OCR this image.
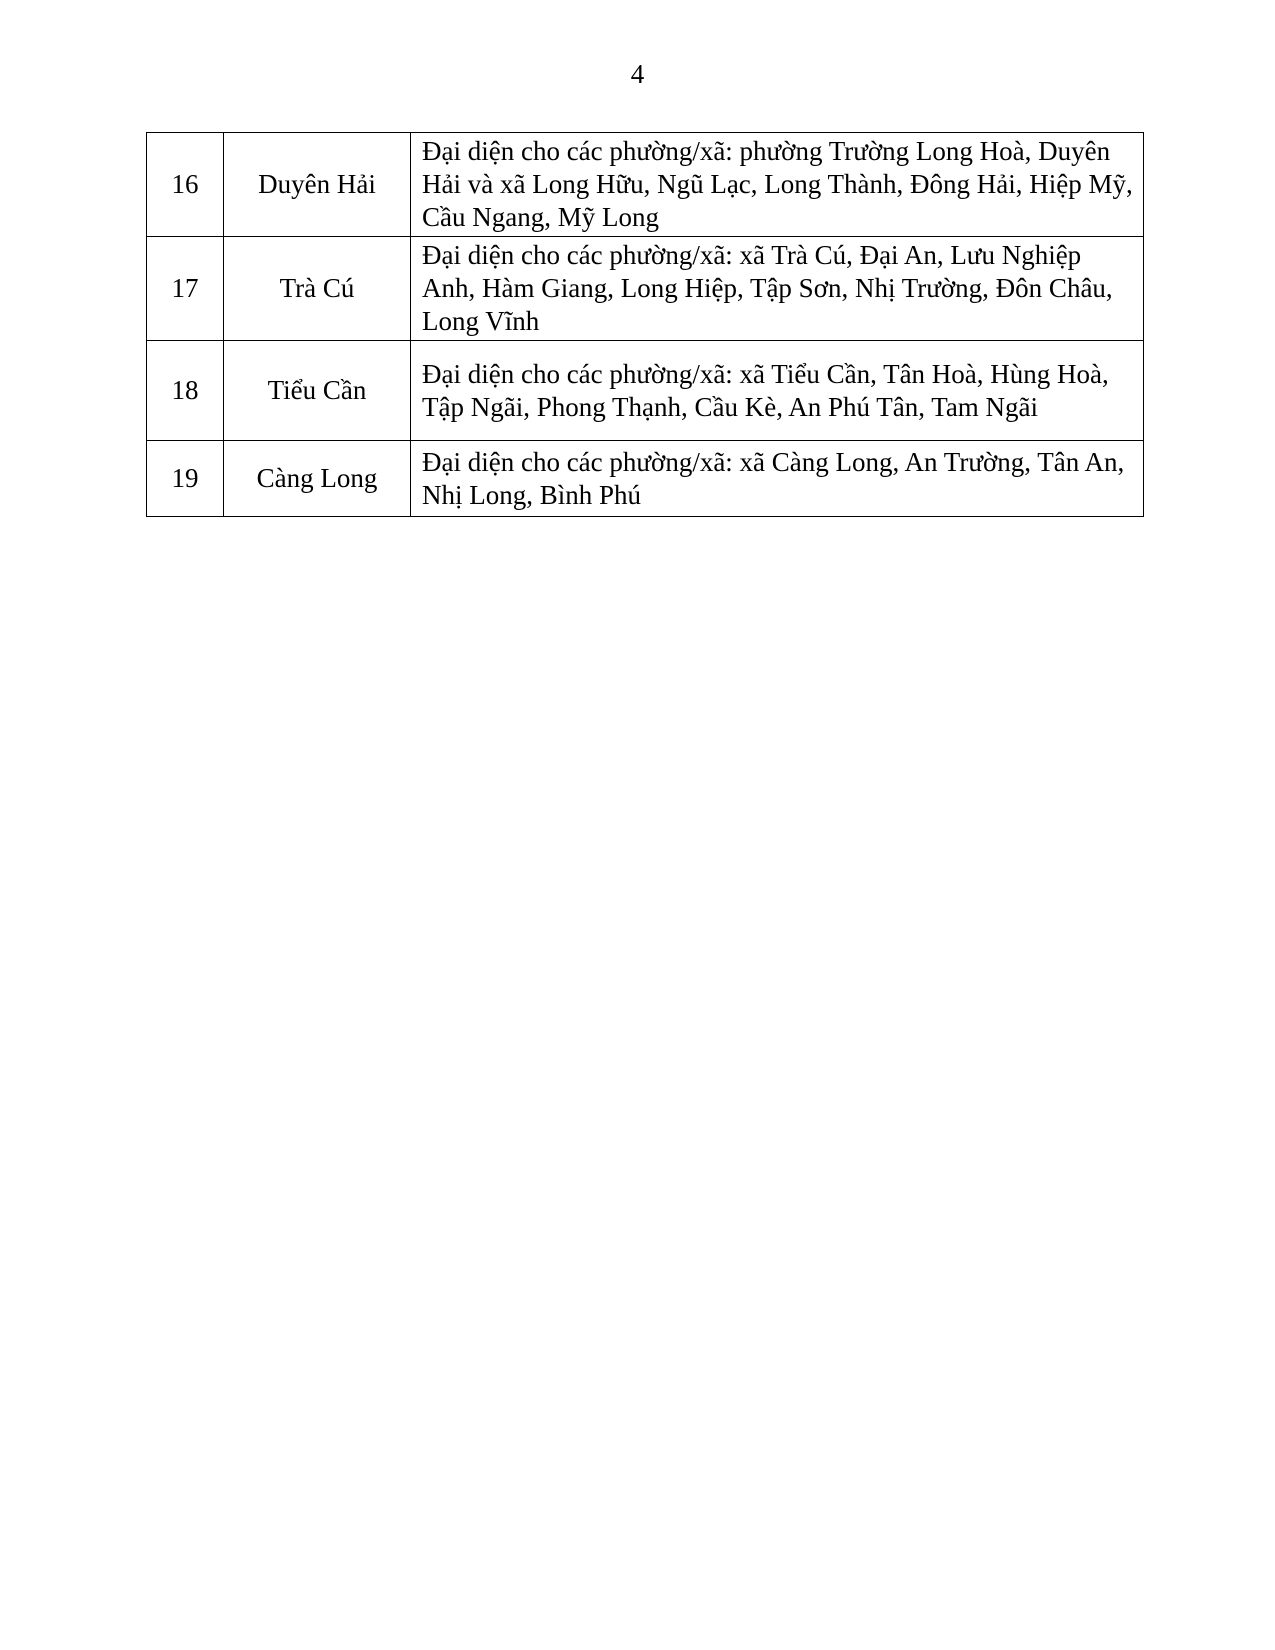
4
16	Duyên Hải	Đại diện cho các phường/xã: phường Trường Long Hoà, Duyên Hải và xã Long Hữu, Ngũ Lạc, Long Thành, Đông Hải, Hiệp Mỹ, Cầu Ngang, Mỹ Long
17	Trà Cú	Đại diện cho các phường/xã: xã Trà Cú, Đại An, Lưu Nghiệp Anh, Hàm Giang, Long Hiệp, Tập Sơn, Nhị Trường, Đôn Châu, Long Vĩnh
18	Tiểu Cần	Đại diện cho các phường/xã: xã Tiểu Cần, Tân Hoà, Hùng Hoà, Tập Ngãi, Phong Thạnh, Cầu Kè, An Phú Tân, Tam Ngãi
19	Càng Long	Đại diện cho các phường/xã: xã Càng Long, An Trường, Tân An, Nhị Long, Bình Phú
